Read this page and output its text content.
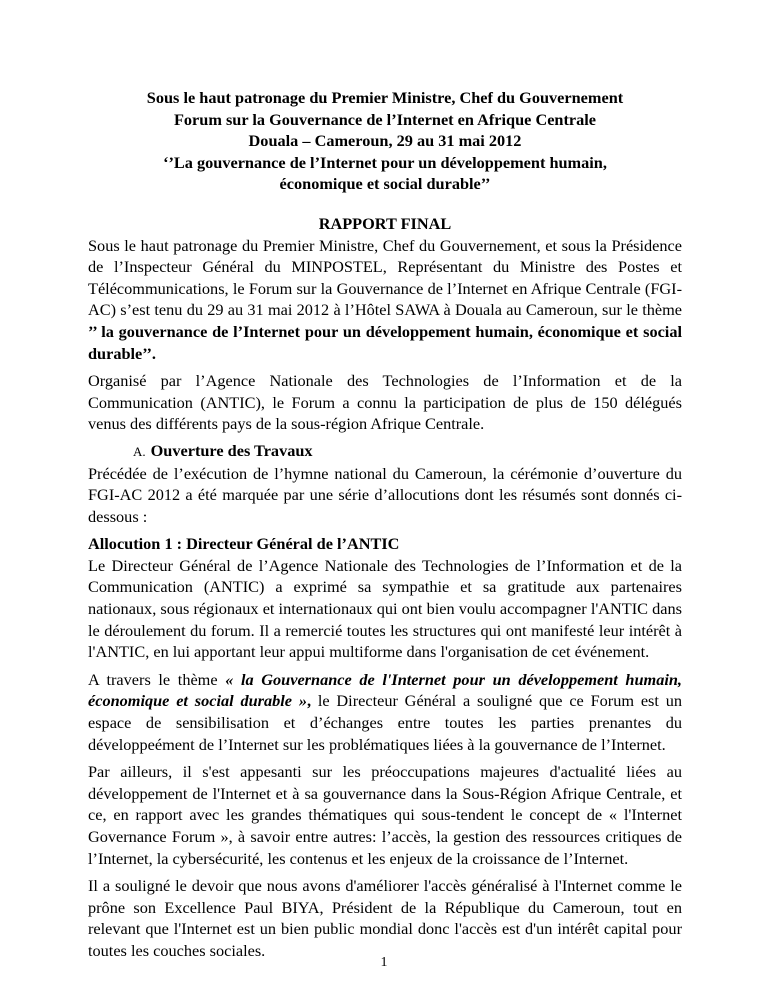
Sous le haut patronage du Premier Ministre, Chef du Gouvernement
Forum sur la Gouvernance de l’Internet en Afrique Centrale
Douala – Cameroun, 29 au 31 mai 2012
‘’La gouvernance de l’Internet pour un développement humain,
économique et social durable’’
RAPPORT FINAL

Sous le haut patronage du Premier Ministre, Chef du Gouvernement, et sous la Présidence de l’Inspecteur Général du MINPOSTEL, Représentant du Ministre des Postes et Télécommunications, le Forum sur la Gouvernance de l’Internet en Afrique Centrale (FGI-AC) s’est tenu du 29 au 31 mai 2012 à l’Hôtel SAWA à Douala au Cameroun, sur le thème ’’ la gouvernance de l’Internet pour un développement humain, économique et social durable’’.

Organisé par l’Agence Nationale des Technologies de l’Information et de la Communication (ANTIC), le Forum a connu la participation de plus de 150 délégués venus des différents pays de la sous-région Afrique Centrale.

A. Ouverture des Travaux

Précédée de l’exécution de l’hymne national du Cameroun, la cérémonie d’ouverture du FGI-AC 2012 a été marquée par une série d’allocutions dont les résumés sont donnés ci-dessous :

Allocution 1 : Directeur Général de l’ANTIC

Le Directeur Général de l’Agence Nationale des Technologies de l’Information et de la Communication (ANTIC) a exprimé sa sympathie et sa gratitude aux partenaires nationaux, sous régionaux et internationaux qui ont bien voulu accompagner l'ANTIC dans le déroulement du forum. Il a remercié toutes les structures qui ont manifesté leur intérêt à l'ANTIC, en lui apportant leur appui multiforme dans l'organisation de cet événement.

A travers le thème « la Gouvernance de l'Internet pour un développement humain, économique et social durable », le Directeur Général a souligné que ce Forum est un espace de sensibilisation et d’échanges entre toutes les parties prenantes du développeément de l’Internet sur les problématiques liées à la gouvernance de l’Internet.

Par ailleurs, il s'est appesanti sur les préoccupations majeures d'actualité liées au développement de l'Internet et à sa gouvernance dans la Sous-Région Afrique Centrale, et ce, en rapport avec les grandes thématiques qui sous-tendent le concept de « l'Internet Governance Forum », à savoir entre autres: l’accès, la gestion des ressources critiques de l’Internet, la cybersécurité, les contenus et les enjeux de la croissance de l’Internet.

Il a souligné le devoir que nous avons d'améliorer l'accès généralisé à l'Internet comme le prône son Excellence Paul BIYA, Président de la République du Cameroun, tout en relevant que l'Internet est un bien public mondial donc l'accès est d'un intérêt capital pour toutes les couches sociales.

1
